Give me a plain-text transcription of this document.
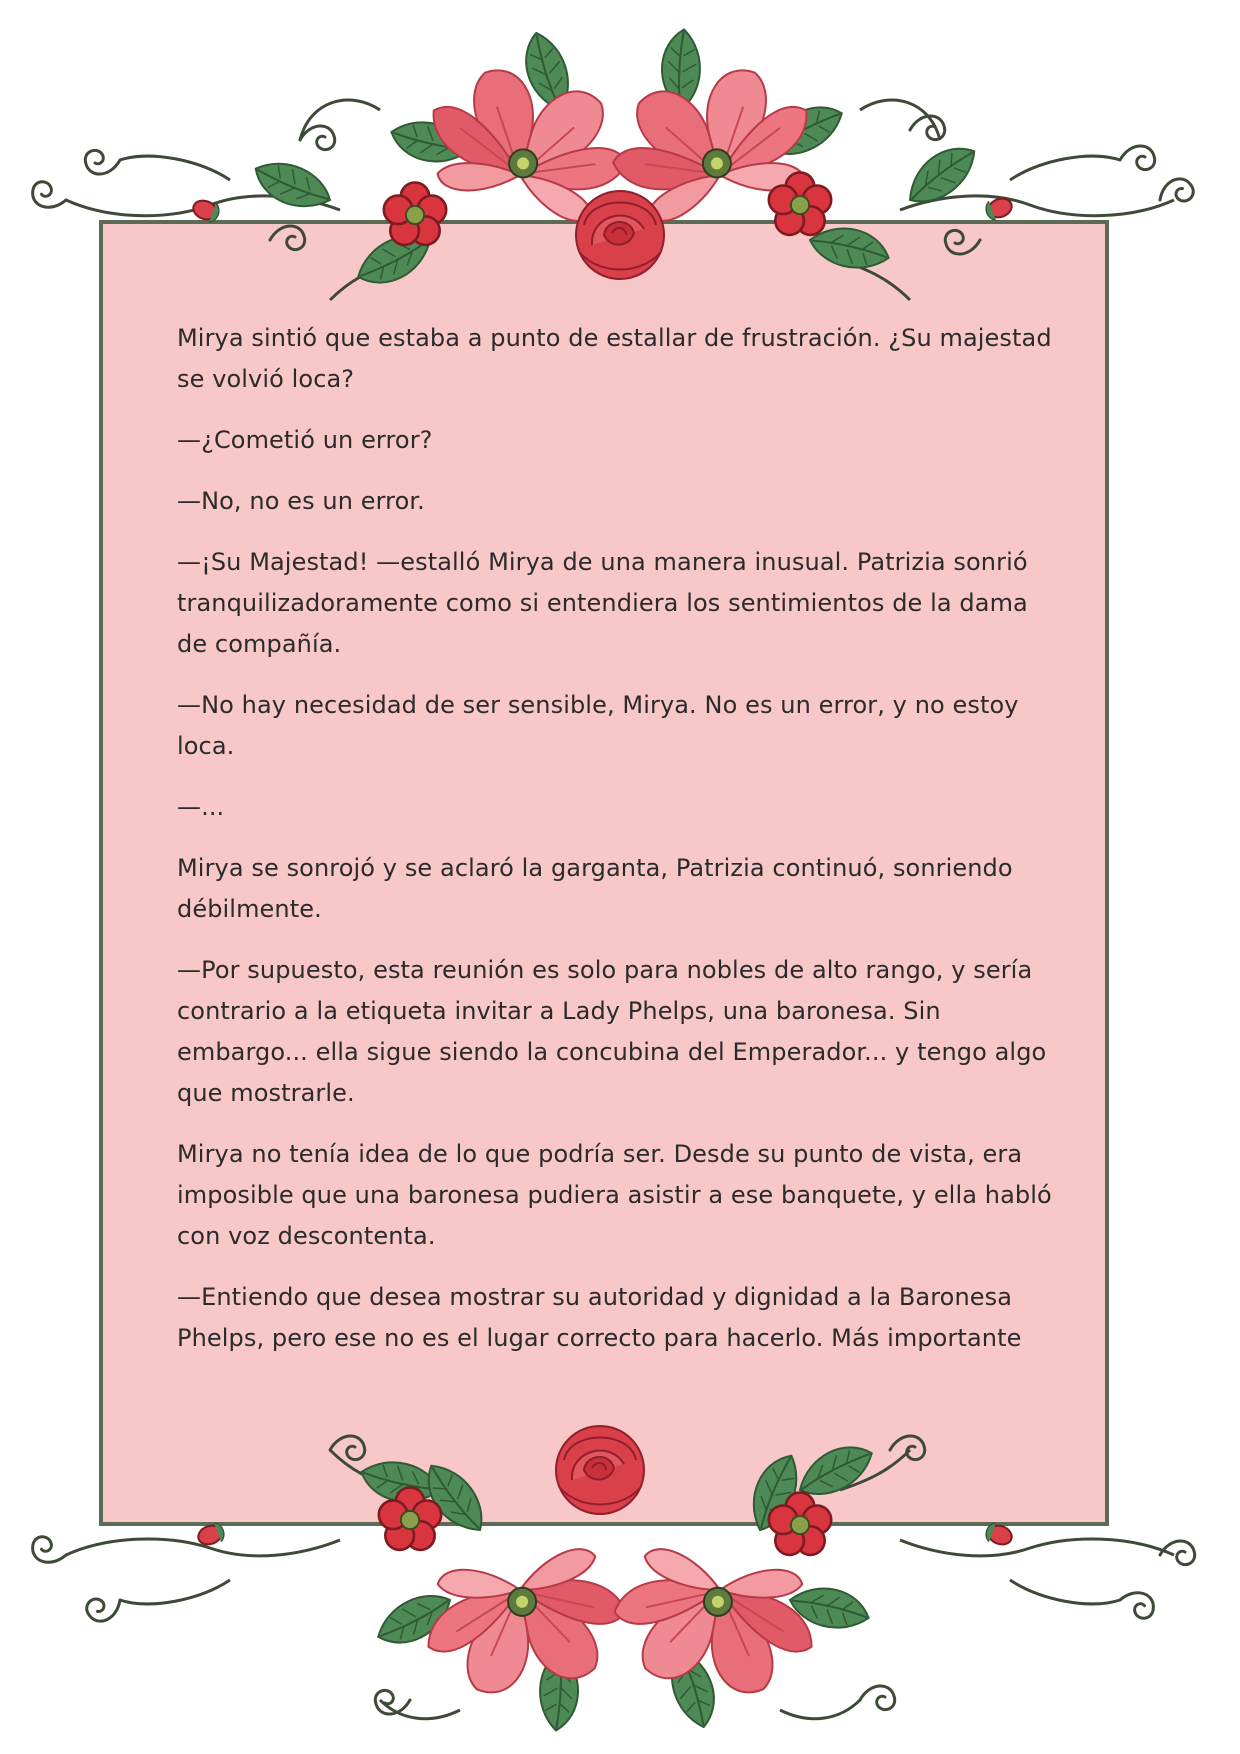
Mirya sintió que estaba a punto de estallar de frustración. ¿Su majestad se volvió loca?

—¿Cometió un error?

—No, no es un error.

—¡Su Majestad! —estalló Mirya de una manera inusual. Patrizia sonrió tranquilizadoramente como si entendiera los sentimientos de la dama de compañía.

—No hay necesidad de ser sensible, Mirya. No es un error, y no estoy loca.

—...

Mirya se sonrojó y se aclaró la garganta, Patrizia continuó, sonriendo débilmente.

—Por supuesto, esta reunión es solo para nobles de alto rango, y sería contrario a la etiqueta invitar a Lady Phelps, una baronesa. Sin embargo... ella sigue siendo la concubina del Emperador... y tengo algo que mostrarle.

Mirya no tenía idea de lo que podría ser. Desde su punto de vista, era imposible que una baronesa pudiera asistir a ese banquete, y ella habló con voz descontenta.

—Entiendo que desea mostrar su autoridad y dignidad a la Baronesa Phelps, pero ese no es el lugar correcto para hacerlo. Más importante
